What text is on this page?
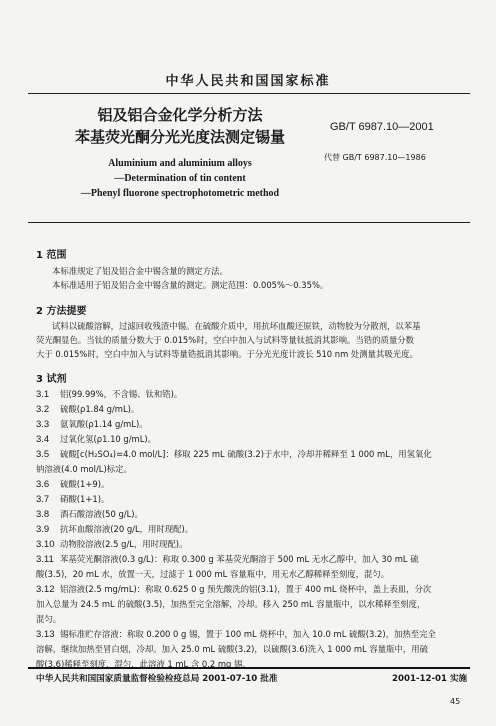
中华人民共和国国家标准
铝及铝合金化学分析方法
苯基荧光酮分光光度法测定锡量
GB/T 6987.10—2001
代替 GB/T 6987.10—1986
Aluminium and aluminium alloys
—Determination of tin content
—Phenyl fluorone spectrophotometric method
1 范围
本标准规定了铝及铝合金中锡含量的测定方法。
本标准适用于铝及铝合金中锡含量的测定。测定范围：0.005%～0.35%。
2 方法提要
试料以硫酸溶解，过滤回收残渣中锡。在硫酸介质中，用抗坏血酸还原铁，动物胶为分散剂，以苯基
荧光酮显色。当钛的质量分数大于 0.015%时，空白中加入与试料等量钛抵消其影响。当锆的质量分数
大于 0.015%时，空白中加入与试料等量锆抵消其影响。于分光光度计波长 510 nm 处测量其吸光度。
3 试剂
3.1 铝(99.99%，不含锡、钛和锆)。
3.2 硫酸(ρ1.84 g/mL)。
3.3 氨氧酸(ρ1.14 g/mL)。
3.4 过氧化氢(ρ1.10 g/mL)。
3.5 硫酸[c(H₂SO₄)=4.0 mol/L]：移取 225 mL 硫酸(3.2)于水中，冷却并稀释至 1 000 mL，用氢氧化
钠溶液(4.0 mol/L)标定。
3.6 硫酸(1+9)。
3.7 硝酸(1+1)。
3.8 酒石酸溶液(50 g/L)。
3.9 抗坏血酸溶液(20 g/L，用时现配)。
3.10 动物胶溶液(2.5 g/L，用时现配)。
3.11 苯基荧光酮溶液(0.3 g/L)：称取 0.300 g 苯基荧光酮溶于 500 mL 无水乙醇中，加入 30 mL 硫
酸(3.5)，20 mL 水，放置一天，过滤于 1 000 mL 容量瓶中，用无水乙醇稀释至刻度，混匀。
3.12 铝溶液(2.5 mg/mL)：称取 0.625 0 g 预先酸洗的铝(3.1)，置于 400 mL 烧杯中，盖上表皿，分次
加入总量为 24.5 mL 的硫酸(3.5)，加热至完全溶解，冷却。移入 250 mL 容量瓶中，以水稀释至刻度，
混匀。
3.13 锡标准贮存溶液：称取 0.200 0 g 锡，置于 100 mL 烧杯中，加入 10.0 mL 硫酸(3.2)，加热至完全
溶解，继续加热至冒白烟，冷却。加入 25.0 mL 硫酸(3.2)，以硫酸(3.6)洗入 1 000 mL 容量瓶中，用硫
酸(3.6)稀释至刻度，混匀，此溶液 1 mL 含 0.2 mg 锡。
中华人民共和国国家质量监督检验检疫总局 2001-07-10 批准	2001-12-01 实施
45
